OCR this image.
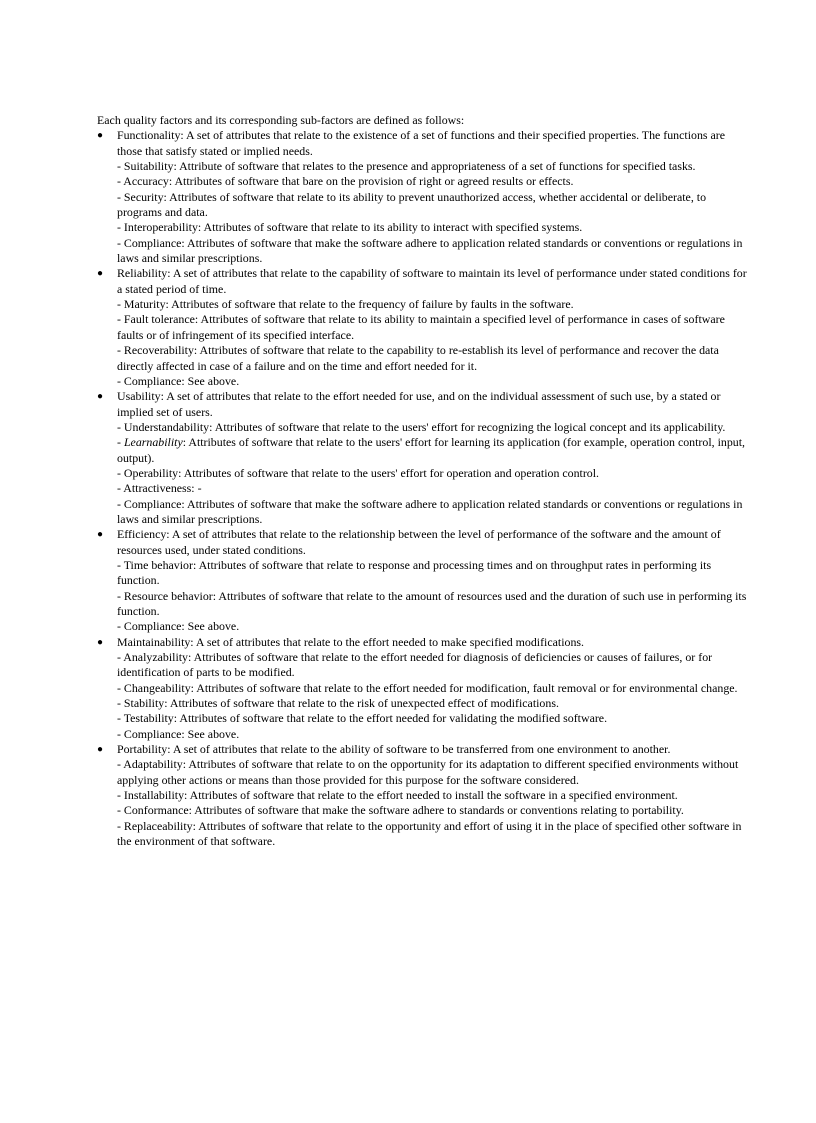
Each quality factors and its corresponding sub-factors are defined as follows:

●	Functionality: A set of attributes that relate to the existence of a set of functions and their specified properties. The functions are those that satisfy stated or implied needs.
- Suitability: Attribute of software that relates to the presence and appropriateness of a set of functions for specified tasks.
- Accuracy: Attributes of software that bare on the provision of right or agreed results or effects.
- Security: Attributes of software that relate to its ability to prevent unauthorized access, whether accidental or deliberate, to programs and data.
- Interoperability: Attributes of software that relate to its ability to interact with specified systems.
- Compliance: Attributes of software that make the software adhere to application related standards or conventions or regulations in laws and similar prescriptions.
●	Reliability: A set of attributes that relate to the capability of software to maintain its level of performance under stated conditions for a stated period of time.
- Maturity: Attributes of software that relate to the frequency of failure by faults in the software.
- Fault tolerance: Attributes of software that relate to its ability to maintain a specified level of performance in cases of software faults or of infringement of its specified interface.
- Recoverability: Attributes of software that relate to the capability to re-establish its level of performance and recover the data directly affected in case of a failure and on the time and effort needed for it.
- Compliance: See above.
●	Usability: A set of attributes that relate to the effort needed for use, and on the individual assessment of such use, by a stated or implied set of users.
- Understandability: Attributes of software that relate to the users' effort for recognizing the logical concept and its applicability.
- Learnability: Attributes of software that relate to the users' effort for learning its application (for example, operation control, input, output).
- Operability: Attributes of software that relate to the users' effort for operation and operation control.
- Attractiveness: -
- Compliance: Attributes of software that make the software adhere to application related standards or conventions or regulations in laws and similar prescriptions.
●	Efficiency: A set of attributes that relate to the relationship between the level of performance of the software and the amount of resources used, under stated conditions.
- Time behavior: Attributes of software that relate to response and processing times and on throughput rates in performing its function.
- Resource behavior: Attributes of software that relate to the amount of resources used and the duration of such use in performing its function.
- Compliance: See above.
●	Maintainability: A set of attributes that relate to the effort needed to make specified modifications.
- Analyzability: Attributes of software that relate to the effort needed for diagnosis of deficiencies or causes of failures, or for identification of parts to be modified.
- Changeability: Attributes of software that relate to the effort needed for modification, fault removal or for environmental change.
- Stability: Attributes of software that relate to the risk of unexpected effect of modifications.
- Testability: Attributes of software that relate to the effort needed for validating the modified software.
- Compliance: See above.
●	Portability: A set of attributes that relate to the ability of software to be transferred from one environment to another.
- Adaptability: Attributes of software that relate to on the opportunity for its adaptation to different specified environments without applying other actions or means than those provided for this purpose for the software considered.
- Installability: Attributes of software that relate to the effort needed to install the software in a specified environment.
- Conformance: Attributes of software that make the software adhere to standards or conventions relating to portability.
- Replaceability: Attributes of software that relate to the opportunity and effort of using it in the place of specified other software in the environment of that software.
